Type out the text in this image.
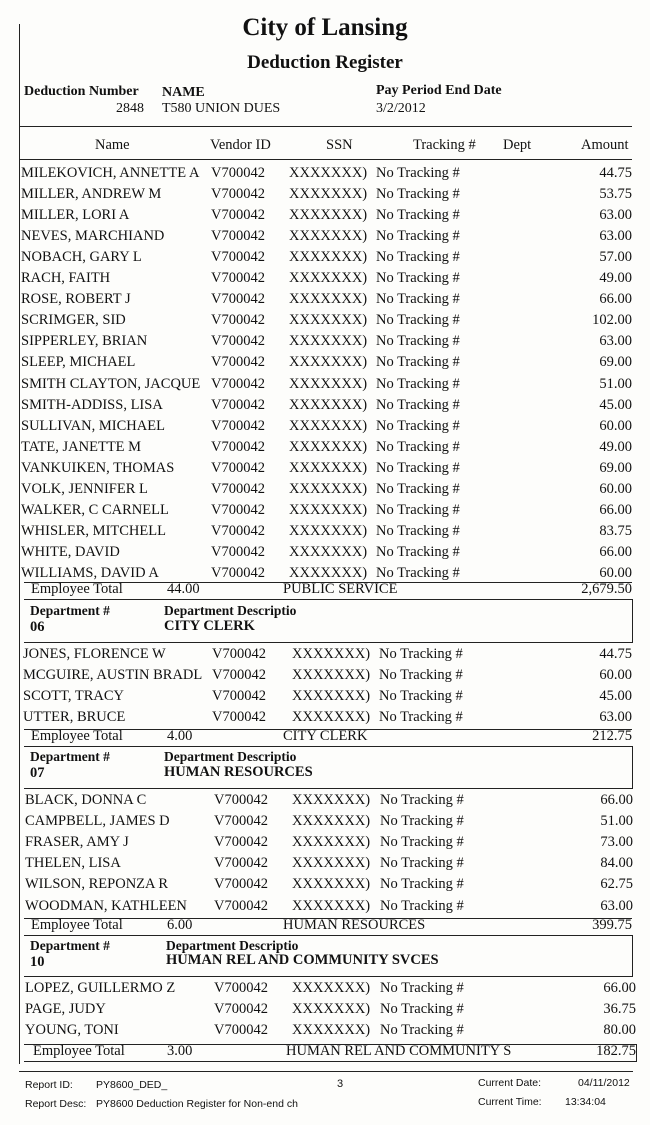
City of Lansing
Deduction Register
Deduction Number
2848
NAME
T580 UNION DUES
Pay Period End Date
3/2/2012
Name	Vendor ID	SSN	Tracking # Dept	Amount
MILEKOVICH, ANNETTE A V700042	XXXXXXX) No Tracking #	44.75
MILLER, ANDREW M	V700042	XXXXXXX) No Tracking #	53.75
MILLER, LORI A	V700042	XXXXXXX) No Tracking #	63.00
NEVES, MARCHIAND	V700042	XXXXXXX) No Tracking #	63.00
NOBACH, GARY L	V700042	XXXXXXX) No Tracking #	57.00
RACH, FAITH	V700042	XXXXXXX) No Tracking #	49.00
ROSE, ROBERT J	V700042	XXXXXXX) No Tracking #	66.00
SCRIMGER, SID	V700042	XXXXXXX) No Tracking #	102.00
SIPPERLEY, BRIAN	V700042	XXXXXXX) No Tracking #	63.00
SLEEP, MICHAEL	V700042	XXXXXXX) No Tracking #	69.00
SMITH CLAYTON, JACQUE V700042	XXXXXXX) No Tracking #	51.00
SMITH-ADDISS, LISA	V700042	XXXXXXX) No Tracking #	45.00
SULLIVAN, MICHAEL	V700042	XXXXXXX) No Tracking #	60.00
TATE, JANETTE M	V700042	XXXXXXX) No Tracking #	49.00
VANKUIKEN, THOMAS	V700042	XXXXXXX) No Tracking #	69.00
VOLK, JENNIFER L	V700042	XXXXXXX) No Tracking #	60.00
WALKER, C CARNELL	V700042	XXXXXXX) No Tracking #	66.00
WHISLER, MITCHELL	V700042	XXXXXXX) No Tracking #	83.75
WHITE, DAVID	V700042	XXXXXXX) No Tracking #	66.00
WILLIAMS, DAVID A	V700042	XXXXXXX) No Tracking #	60.00
Employee Total	44.00	PUBLIC SERVICE	2,679.50
Department #	Department Descriptio
06	CITY CLERK
JONES, FLORENCE W	V700042	XXXXXXX) No Tracking #	44.75
MCGUIRE, AUSTIN BRADL V700042	XXXXXXX) No Tracking #	60.00
SCOTT, TRACY	V700042	XXXXXXX) No Tracking #	45.00
UTTER, BRUCE	V700042	XXXXXXX) No Tracking #	63.00
Employee Total	4.00	CITY CLERK	212.75
Department #	Department Descriptio
07	HUMAN RESOURCES
BLACK, DONNA C	V700042	XXXXXXX) No Tracking #	66.00
CAMPBELL, JAMES D	V700042	XXXXXXX) No Tracking #	51.00
FRASER, AMY J	V700042	XXXXXXX) No Tracking #	73.00
THELEN, LISA	V700042	XXXXXXX) No Tracking #	84.00
WILSON, REPONZA R	V700042	XXXXXXX) No Tracking #	62.75
WOODMAN, KATHLEEN	V700042	XXXXXXX) No Tracking #	63.00
Employee Total	6.00	HUMAN RESOURCES	399.75
Department #	Department Descriptio
10	HUMAN REL AND COMMUNITY SVCES
LOPEZ, GUILLERMO Z	V700042	XXXXXXX) No Tracking #	66.00
PAGE, JUDY	V700042	XXXXXXX) No Tracking #	36.75
YOUNG, TONI	V700042	XXXXXXX) No Tracking #	80.00
Employee Total	3.00	HUMAN REL AND COMMUNITY S	182.75
Report ID: PY8600_DED_
Report Desc: PY8600 Deduction Register for Non-end ch
3	Current Date:	04/11/2012
Current Time: 13:34:04
